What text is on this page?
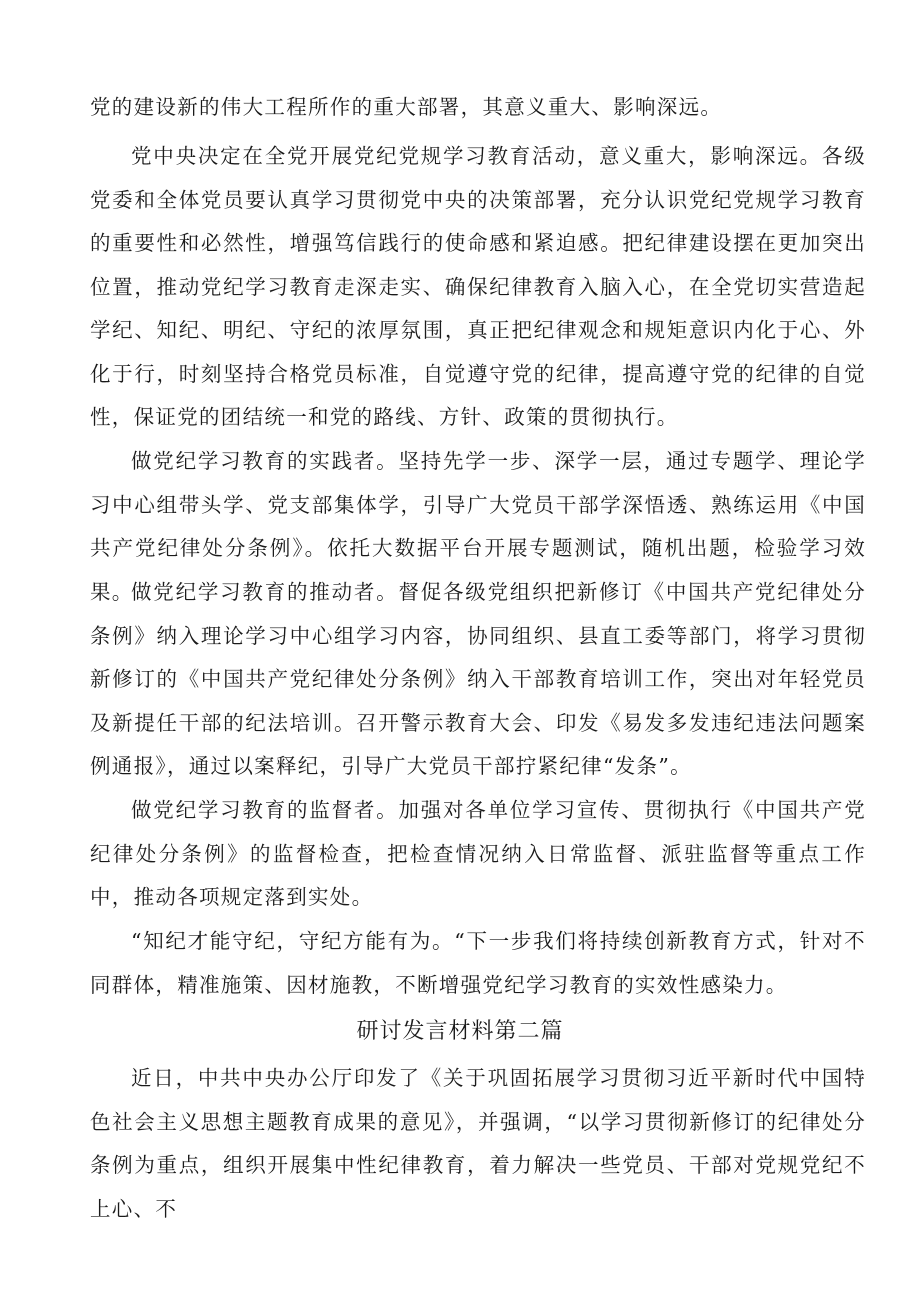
党的建设新的伟大工程所作的重大部署，其意义重大、影响深远。

党中央决定在全党开展党纪党规学习教育活动，意义重大，影响深远。各级党委和全体党员要认真学习贯彻党中央的决策部署，充分认识党纪党规学习教育的重要性和必然性，增强笃信践行的使命感和紧迫感。把纪律建设摆在更加突出位置，推动党纪学习教育走深走实、确保纪律教育入脑入心，在全党切实营造起学纪、知纪、明纪、守纪的浓厚氛围，真正把纪律观念和规矩意识内化于心、外化于行，时刻坚持合格党员标准，自觉遵守党的纪律，提高遵守党的纪律的自觉性，保证党的团结统一和党的路线、方针、政策的贯彻执行。

做党纪学习教育的实践者。坚持先学一步、深学一层，通过专题学、理论学习中心组带头学、党支部集体学，引导广大党员干部学深悟透、熟练运用《中国共产党纪律处分条例》。依托大数据平台开展专题测试，随机出题，检验学习效果。

做党纪学习教育的推动者。督促各级党组织把新修订《中国共产党纪律处分条例》纳入理论学习中心组学习内容，协同组织、县直工委等部门，将学习贯彻新修订的《中国共产党纪律处分条例》纳入干部教育培训工作，突出对年轻党员及新提任干部的纪法培训。召开警示教育大会、印发《易发多发违纪违法问题案例通报》，通过以案释纪，引导广大党员干部拧紧纪律“发条”。

做党纪学习教育的监督者。加强对各单位学习宣传、贯彻执行《中国共产党纪律处分条例》的监督检查，把检查情况纳入日常监督、派驻监督等重点工作中，推动各项规定落到实处。

“知纪才能守纪，守纪方能有为。“下一步我们将持续创新教育方式，针对不同群体，精准施策、因材施教，不断增强党纪学习教育的实效性感染力。

研讨发言材料第二篇

近日，中共中央办公厅印发了《关于巩固拓展学习贯彻习近平新时代中国特色社会主义思想主题教育成果的意见》，并强调，“以学习贯彻新修订的纪律处分条例为重点，组织开展集中性纪律教育，着力解决一些党员、干部对党规党纪不上心、不
